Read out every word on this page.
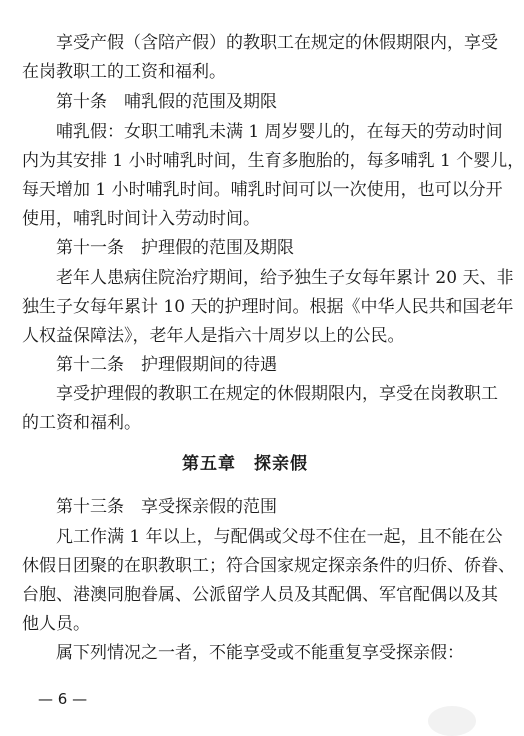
享受产假（含陪产假）的教职工在规定的休假期限内，享受
在岗教职工的工资和福利。
第十条　哺乳假的范围及期限
哺乳假：女职工哺乳未满 1 周岁婴儿的，在每天的劳动时间
内为其安排 1 小时哺乳时间，生育多胞胎的，每多哺乳 1 个婴儿，
每天增加 1 小时哺乳时间。哺乳时间可以一次使用，也可以分开
使用，哺乳时间计入劳动时间。
第十一条　护理假的范围及期限
老年人患病住院治疗期间，给予独生子女每年累计 20 天、非
独生子女每年累计 10 天的护理时间。根据《中华人民共和国老年
人权益保障法》，老年人是指六十周岁以上的公民。
第十二条　护理假期间的待遇
享受护理假的教职工在规定的休假期限内，享受在岗教职工
的工资和福利。
第五章　探亲假
第十三条　享受探亲假的范围
凡工作满 1 年以上，与配偶或父母不住在一起，且不能在公
休假日团聚的在职教职工；符合国家规定探亲条件的归侨、侨眷、
台胞、港澳同胞眷属、公派留学人员及其配偶、军官配偶以及其
他人员。
属下列情况之一者，不能享受或不能重复享受探亲假：
— 6 —
